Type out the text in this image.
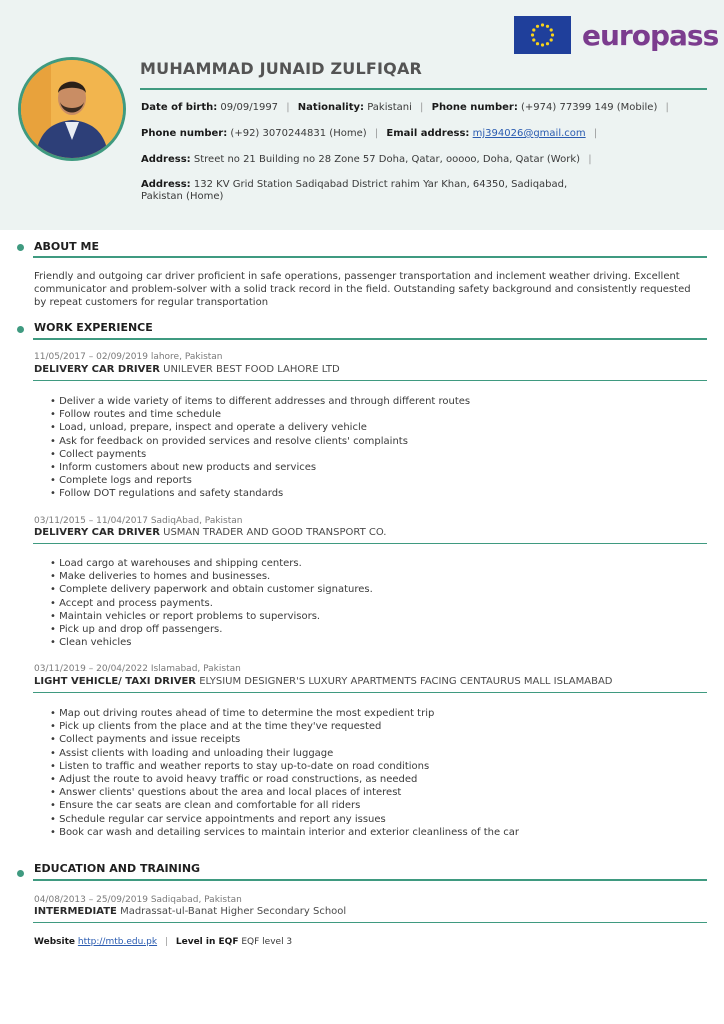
europass
MUHAMMAD JUNAID ZULFIQAR
Date of birth: 09/09/1997 | Nationality: Pakistani | Phone number: (+974) 77399 149 (Mobile) |
Phone number: (+92) 3070244831 (Home) | Email address: mj394026@gmail.com |
Address: Street no 21 Building no 28 Zone 57 Doha, Qatar, ooooo, Doha, Qatar (Work) |
Address: 132 KV Grid Station Sadiqabad District rahim Yar Khan, 64350, Sadiqabad,
Pakistan (Home)
ABOUT ME
Friendly and outgoing car driver proficient in safe operations, passenger transportation and inclement weather driving. Excellent communicator and problem-solver with a solid track record in the field. Outstanding safety background and consistently requested by repeat customers for regular transportation
WORK EXPERIENCE
11/05/2017 – 02/09/2019 lahore, Pakistan
DELIVERY CAR DRIVER UNILEVER BEST FOOD LAHORE LTD
• Deliver a wide variety of items to different addresses and through different routes
• Follow routes and time schedule
• Load, unload, prepare, inspect and operate a delivery vehicle
• Ask for feedback on provided services and resolve clients' complaints
• Collect payments
• Inform customers about new products and services
• Complete logs and reports
• Follow DOT regulations and safety standards
03/11/2015 – 11/04/2017 SadiqAbad, Pakistan
DELIVERY CAR DRIVER USMAN TRADER AND GOOD TRANSPORT CO.
• Load cargo at warehouses and shipping centers.
• Make deliveries to homes and businesses.
• Complete delivery paperwork and obtain customer signatures.
• Accept and process payments.
• Maintain vehicles or report problems to supervisors.
• Pick up and drop off passengers.
• Clean vehicles
03/11/2019 – 20/04/2022 Islamabad, Pakistan
LIGHT VEHICLE/ TAXI DRIVER ELYSIUM DESIGNER'S LUXURY APARTMENTS FACING CENTAURUS MALL ISLAMABAD
• Map out driving routes ahead of time to determine the most expedient trip
• Pick up clients from the place and at the time they've requested
• Collect payments and issue receipts
• Assist clients with loading and unloading their luggage
• Listen to traffic and weather reports to stay up-to-date on road conditions
• Adjust the route to avoid heavy traffic or road constructions, as needed
• Answer clients' questions about the area and local places of interest
• Ensure the car seats are clean and comfortable for all riders
• Schedule regular car service appointments and report any issues
• Book car wash and detailing services to maintain interior and exterior cleanliness of the car
EDUCATION AND TRAINING
04/08/2013 – 25/09/2019 Sadiqabad, Pakistan
INTERMEDIATE Madrassat-ul-Banat Higher Secondary School
Website http://mtb.edu.pk | Level in EQF EQF level 3
